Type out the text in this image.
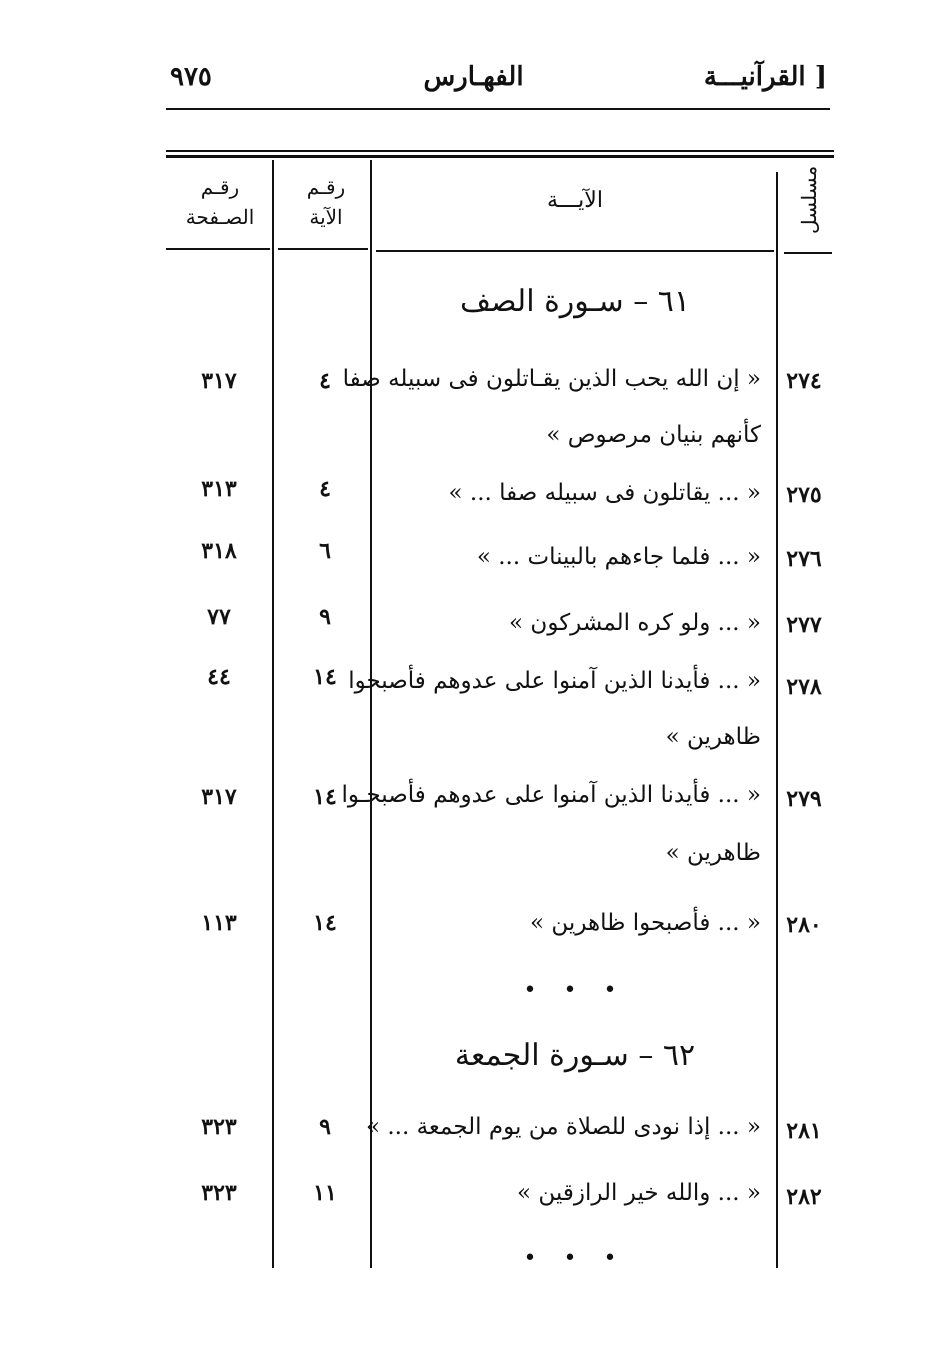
الفهـارس	القرآنيـــة ]
٩٧٥
رقـم الصـفحة
رقـم الآية
الآيـــة	مسلسل
٦١ – سـورة الصف
٢٧٤
« إن الله يحب الذين يقـاتلون فى سبيله صفا
كأنهم بنيان مرصوص »
٤
٣١٧
٢٧٥
« ... يقاتلون فى سبيله صفا ... »
٤
٣١٣
٢٧٦
« ... فلما جاءهم بالبينات ... »
٦
٣١٨
٢٧٧
« ... ولو كره المشركون »
٩
٧٧
٢٧٨
« ... فأيدنا الذين آمنوا على عدوهم فأصبحوا
ظاهرين »
١٤
٤٤
٢٧٩
« ... فأيدنا الذين آمنوا على عدوهم فأصبحـوا
ظاهرين »
١٤
٣١٧
٢٨٠
« ... فأصبحوا ظاهرين »
١٤
١١٣
• • •
٦٢ – سـورة الجمعة
٢٨١
« ... إذا نودى للصلاة من يوم الجمعة ... »
٩
٣٢٣
٢٨٢
« ... والله خير الرازقين »
١١
٣٢٣
• • •
